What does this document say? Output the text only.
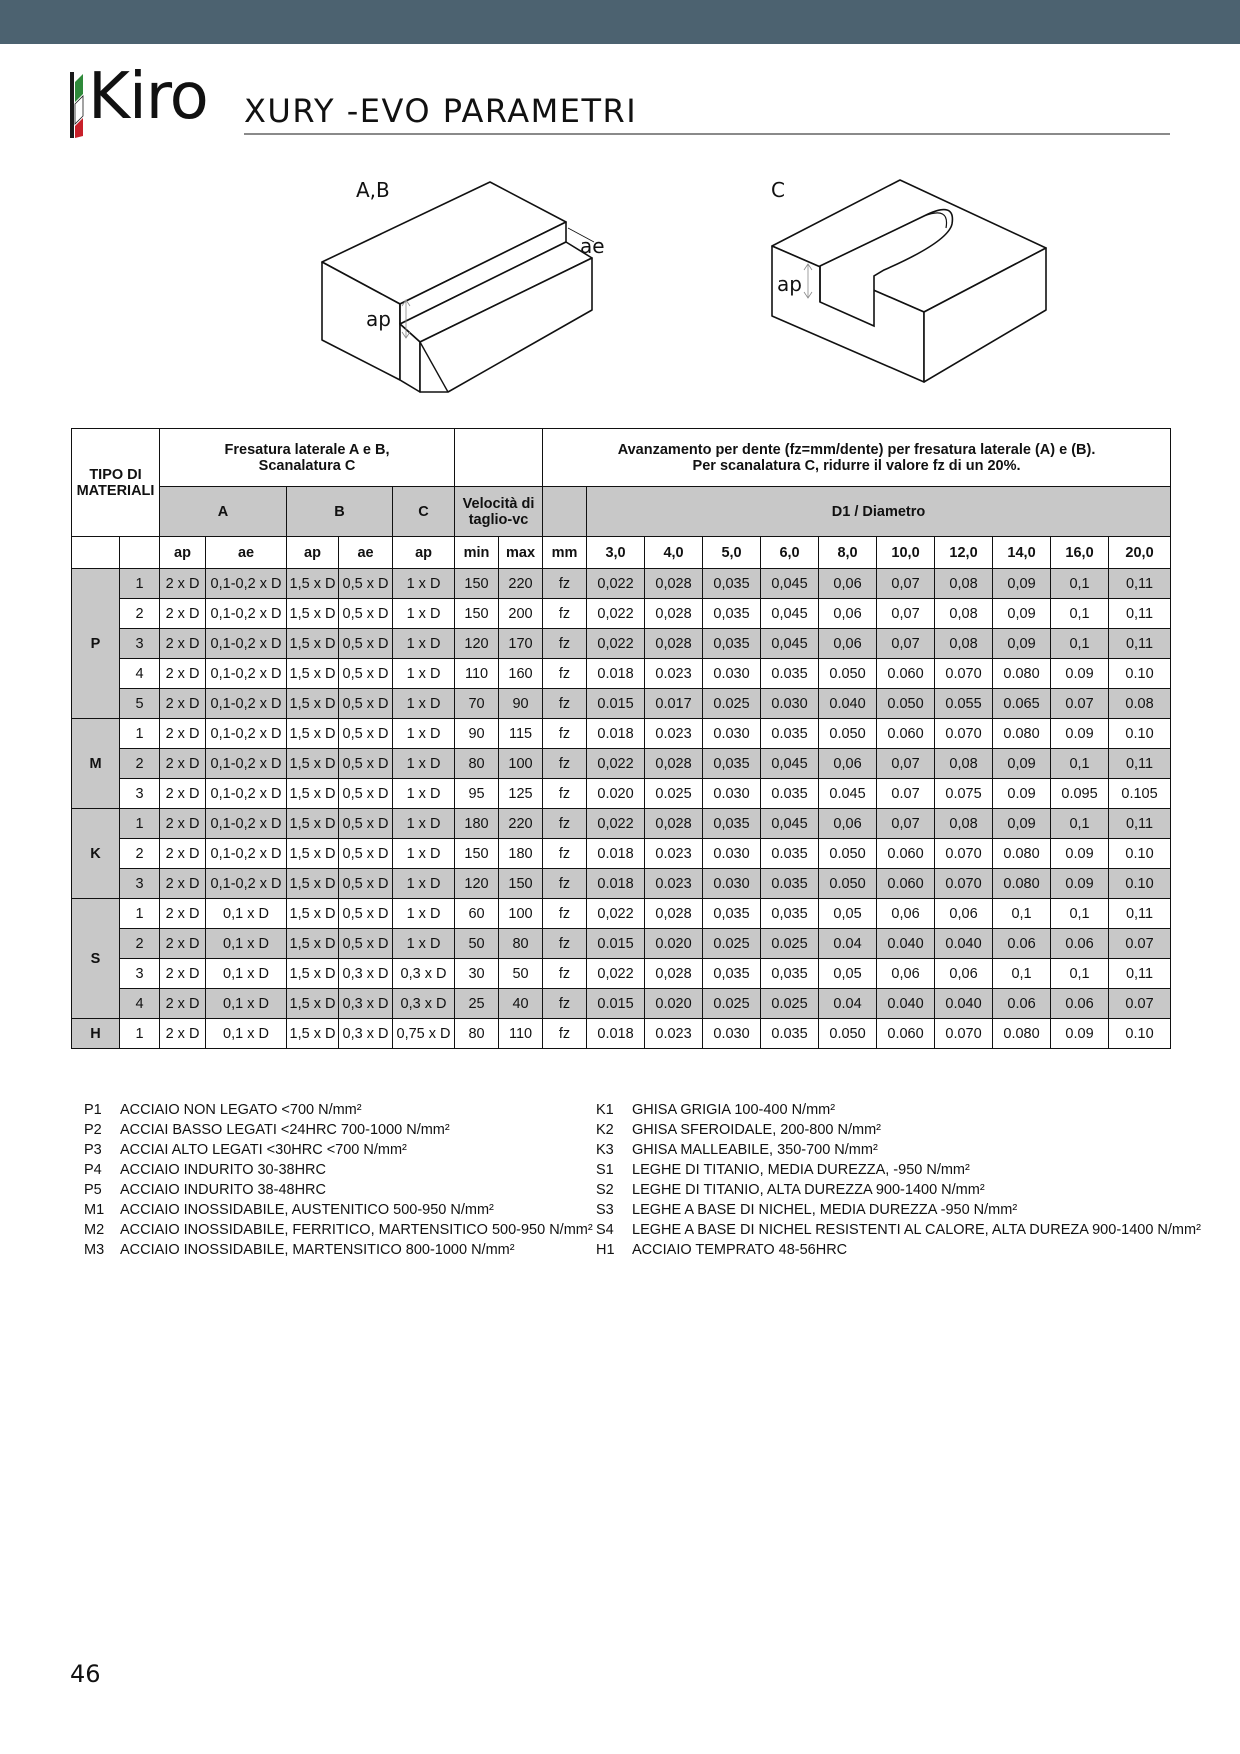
Kiro XURY -EVO PARAMETRI
A,B
ae
ap
C
ap
TIPO DI MATERIALI		Fresatura laterale A e B,
Scanalatura C							Avanzamento per dente (fz=mm/dente) per fresatura laterale (A) e (B).
Per scanalatura C, ridurre il valore fz di un 20%.										
		A		B		C	Velocità di
taglio-vc			D1 / Diametro									
		ap	ae	ap	ae	ap	min	max	mm	3,0	4,0	5,0	6,0	8,0	10,0	12,0	14,0	16,0	20,0
P	1	2 x D	0,1-0,2 x D	1,5 x D	0,5 x D	1 x D	150	220	fz	0,022	0,028	0,035	0,045	0,06	0,07	0,08	0,09	0,1	0,11
	2	2 x D	0,1-0,2 x D	1,5 x D	0,5 x D	1 x D	150	200	fz	0,022	0,028	0,035	0,045	0,06	0,07	0,08	0,09	0,1	0,11
	3	2 x D	0,1-0,2 x D	1,5 x D	0,5 x D	1 x D	120	170	fz	0,022	0,028	0,035	0,045	0,06	0,07	0,08	0,09	0,1	0,11
	4	2 x D	0,1-0,2 x D	1,5 x D	0,5 x D	1 x D	110	160	fz	0.018	0.023	0.030	0.035	0.050	0.060	0.070	0.080	0.09	0.10
	5	2 x D	0,1-0,2 x D	1,5 x D	0,5 x D	1 x D	70	90	fz	0.015	0.017	0.025	0.030	0.040	0.050	0.055	0.065	0.07	0.08
M	1	2 x D	0,1-0,2 x D	1,5 x D	0,5 x D	1 x D	90	115	fz	0.018	0.023	0.030	0.035	0.050	0.060	0.070	0.080	0.09	0.10
	2	2 x D	0,1-0,2 x D	1,5 x D	0,5 x D	1 x D	80	100	fz	0,022	0,028	0,035	0,045	0,06	0,07	0,08	0,09	0,1	0,11
	3	2 x D	0,1-0,2 x D	1,5 x D	0,5 x D	1 x D	95	125	fz	0.020	0.025	0.030	0.035	0.045	0.07	0.075	0.09	0.095	0.105
K	1	2 x D	0,1-0,2 x D	1,5 x D	0,5 x D	1 x D	180	220	fz	0,022	0,028	0,035	0,045	0,06	0,07	0,08	0,09	0,1	0,11
	2	2 x D	0,1-0,2 x D	1,5 x D	0,5 x D	1 x D	150	180	fz	0.018	0.023	0.030	0.035	0.050	0.060	0.070	0.080	0.09	0.10
	3	2 x D	0,1-0,2 x D	1,5 x D	0,5 x D	1 x D	120	150	fz	0.018	0.023	0.030	0.035	0.050	0.060	0.070	0.080	0.09	0.10
S	1	2 x D	0,1 x D	1,5 x D	0,5 x D	1 x D	60	100	fz	0,022	0,028	0,035	0,035	0,05	0,06	0,06	0,1	0,1	0,11
	2	2 x D	0,1 x D	1,5 x D	0,5 x D	1 x D	50	80	fz	0.015	0.020	0.025	0.025	0.04	0.040	0.040	0.06	0.06	0.07
	3	2 x D	0,1 x D	1,5 x D	0,3 x D	0,3 x D	30	50	fz	0,022	0,028	0,035	0,035	0,05	0,06	0,06	0,1	0,1	0,11
	4	2 x D	0,1 x D	1,5 x D	0,3 x D	0,3 x D	25	40	fz	0.015	0.020	0.025	0.025	0.04	0.040	0.040	0.06	0.06	0.07
H	1	2 x D	0,1 x D	1,5 x D	0,3 x D	0,75 x D	80	110	fz	0.018	0.023	0.030	0.035	0.050	0.060	0.070	0.080	0.09	0.10
P1 ACCIAIO NON LEGATO <700 N/mm²
P2 ACCIAI BASSO LEGATI <24HRC 700-1000 N/mm²
P3 ACCIAI ALTO LEGATI <30HRC <700 N/mm²
P4 ACCIAIO INDURITO 30-38HRC
P5 ACCIAIO INDURITO 38-48HRC
M1 ACCIAIO INOSSIDABILE, AUSTENITICO 500-950 N/mm²
M2 ACCIAIO INOSSIDABILE, FERRITICO, MARTENSITICO 500-950 N/mm²
M3 ACCIAIO INOSSIDABILE, MARTENSITICO 800-1000 N/mm²
K1 GHISA GRIGIA 100-400 N/mm²
K2 GHISA SFEROIDALE, 200-800 N/mm²
K3 GHISA MALLEABILE, 350-700 N/mm²
S1 LEGHE DI TITANIO, MEDIA DUREZZA, -950 N/mm²
S2 LEGHE DI TITANIO, ALTA DUREZZA 900-1400 N/mm²
S3 LEGHE A BASE DI NICHEL, MEDIA DUREZZA -950 N/mm²
S4 LEGHE A BASE DI NICHEL RESISTENTI AL CALORE, ALTA DUREZA 900-1400 N/mm²
H1 ACCIAIO TEMPRATO 48-56HRC
46
